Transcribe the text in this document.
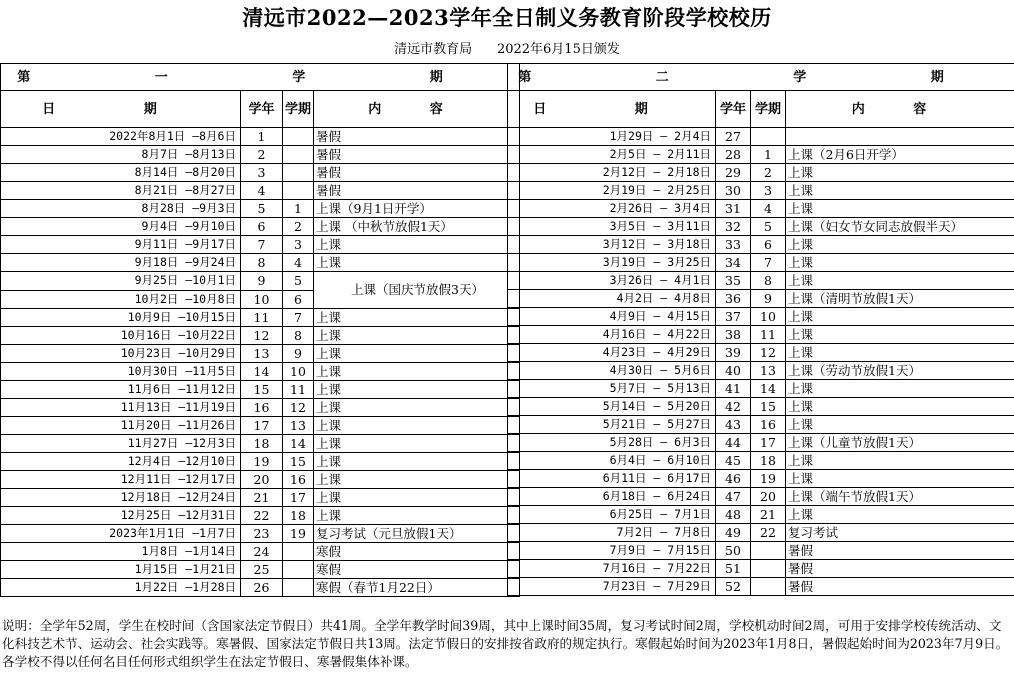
清远市2022—2023学年全日制义务教育阶段学校校历
清远市教育局 2022年6月15日颁发
第 一 学 期			
日 期	学年	学期	内 容
2022年8月1日 —8月6日	1		暑假
8月7日 —8月13日	2		暑假
8月14日 —8月20日	3		暑假
8月21日 —8月27日	4		暑假
8月28日 —9月3日	5	1	上课（9月1日开学）
9月4日 —9月10日	6	2	上课 （中秋节放假1天）
9月11日 —9月17日	7	3	上课
9月18日 —9月24日	8	4	上课
9月25日 —10月1日	9	5	上课（国庆节放假3天）
10月2日 —10月8日	10	6	
10月9日 —10月15日	11	7	上课
10月16日 —10月22日	12	8	上课
10月23日 —10月29日	13	9	上课
10月30日 —11月5日	14	10	上课
11月6日 —11月12日	15	11	上课
11月13日 —11月19日	16	12	上课
11月20日 —11月26日	17	13	上课
11月27日 —12月3日	18	14	上课
12月4日 —12月10日	19	15	上课
12月11日 —12月17日	20	16	上课
12月18日 —12月24日	21	17	上课
12月25日 —12月31日	22	18	上课
2023年1月1日 —1月7日	23	19	复习考试（元旦放假1天）
1月8日 —1月14日	24		寒假
1月15日 —1月21日	25		寒假
1月22日 —1月28日	26		寒假（春节1月22日）
第 二 学 期			
日 期	学年	学期	内 容
1月29日 — 2月4日	27		
2月5日 — 2月11日	28	1	上课（2月6日开学）
2月12日 — 2月18日	29	2	上课
2月19日 — 2月25日	30	3	上课
2月26日 — 3月4日	31	4	上课
3月5日 — 3月11日	32	5	上课（妇女节女同志放假半天）
3月12日 — 3月18日	33	6	上课
3月19日 — 3月25日	34	7	上课
3月26日 — 4月1日	35	8	上课
4月2日 — 4月8日	36	9	上课（清明节放假1天）
4月9日 — 4月15日	37	10	上课
4月16日 — 4月22日	38	11	上课
4月23日 — 4月29日	39	12	上课
4月30日 — 5月6日	40	13	上课（劳动节放假1天）
5月7日 — 5月13日	41	14	上课
5月14日 — 5月20日	42	15	上课
5月21日 — 5月27日	43	16	上课
5月28日 — 6月3日	44	17	上课（儿童节放假1天）
6月4日 — 6月10日	45	18	上课
6月11日 — 6月17日	46	19	上课
6月18日 — 6月24日	47	20	上课（端午节放假1天）
6月25日 — 7月1日	48	21	上课
7月2日 — 7月8日	49	22	复习考试
7月9日 — 7月15日	50		暑假
7月16日 — 7月22日	51		暑假
7月23日 — 7月29日	52		暑假
说明：全学年52周，学生在校时间（含国家法定节假日）共41周。全学年教学时间39周，其中上课时间35周，复习考试时间2周，学校机动时间2周，可用于安排学校传统活动、文化科技艺术节、运动会、社会实践等。寒暑假、国家法定节假日共13周。法定节假日的安排按省政府的规定执行。寒假起始时间为2023年1月8日，暑假起始时间为2023年7月9日。各学校不得以任何名目任何形式组织学生在法定节假日、寒暑假集体补课。
